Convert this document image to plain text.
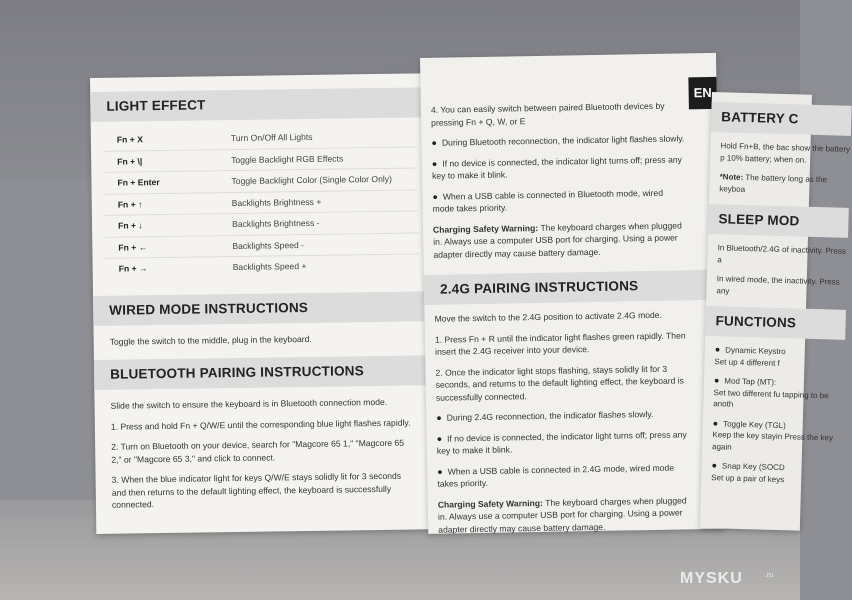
LIGHT EFFECT
Fn + X	Turn On/Off All Lights
Fn + \|	Toggle Backlight RGB Effects
Fn + Enter	Toggle Backlight Color (Single Color Only)
Fn + ↑	Backlights Brightness +
Fn + ↓	Backlights Brightness -
Fn + ←	Backlights Speed -
Fn + →	Backlights Speed +
WIRED MODE INSTRUCTIONS

Toggle the switch to the middle, plug in the keyboard.

BLUETOOTH PAIRING INSTRUCTIONS

Slide the switch to ensure the keyboard is in Bluetooth connection mode.

1. Press and hold Fn + Q/W/E until the corresponding blue light flashes rapidly.

2. Turn on Bluetooth on your device, search for "Magcore 65 1," "Magcore 65 2," or "Magcore 65 3," and click to connect.

3. When the blue indicator light for keys Q/W/E stays solidly lit for 3 seconds and then returns to the default lighting effect, the keyboard is successfully connected.

EN

4. You can easily switch between paired Bluetooth devices by pressing Fn + Q, W, or E

● During Bluetooth reconnection, the indicator light flashes slowly.

● If no device is connected, the indicator light turns off; press any key to make it blink.

● When a USB cable is connected in Bluetooth mode, wired mode takes priority.

Charging Safety Warning: The keyboard charges when plugged in. Always use a computer USB port for charging. Using a power adapter directly may cause battery damage.

2.4G PAIRING INSTRUCTIONS

Move the switch to the 2.4G position to activate 2.4G mode.

1. Press Fn + R until the indicator light flashes green rapidly. Then insert the 2.4G receiver into your device.

2. Once the indicator light stops flashing, stays solidly lit for 3 seconds, and returns to the default lighting effect, the keyboard is successfully connected.

● During 2.4G reconnection, the indicator flashes slowly.

● If no device is connected, the indicator light turns off; press any key to make it blink.

● When a USB cable is connected in 2.4G mode, wired mode takes priority.

Charging Safety Warning: The keyboard charges when plugged in. Always use a computer USB port for charging. Using a power adapter directly may cause battery damage.

BATTERY C

Hold Fn+B, the bac show the battery p 10% battery; when on.

*Note: The battery long as the keyboa

SLEEP MOD

In Bluetooth/2.4G of inactivity. Press a

In wired mode, the inactivity. Press any

FUNCTIONS

● Dynamic Keystro

Set up 4 different f

● Mod Tap (MT):

Set two different fu tapping to be anoth

● Toggle Key (TGL)

Keep the key stayin Press the key again

● Snap Key (SOCD

Set up a pair of keys

MYSKU	.ru
